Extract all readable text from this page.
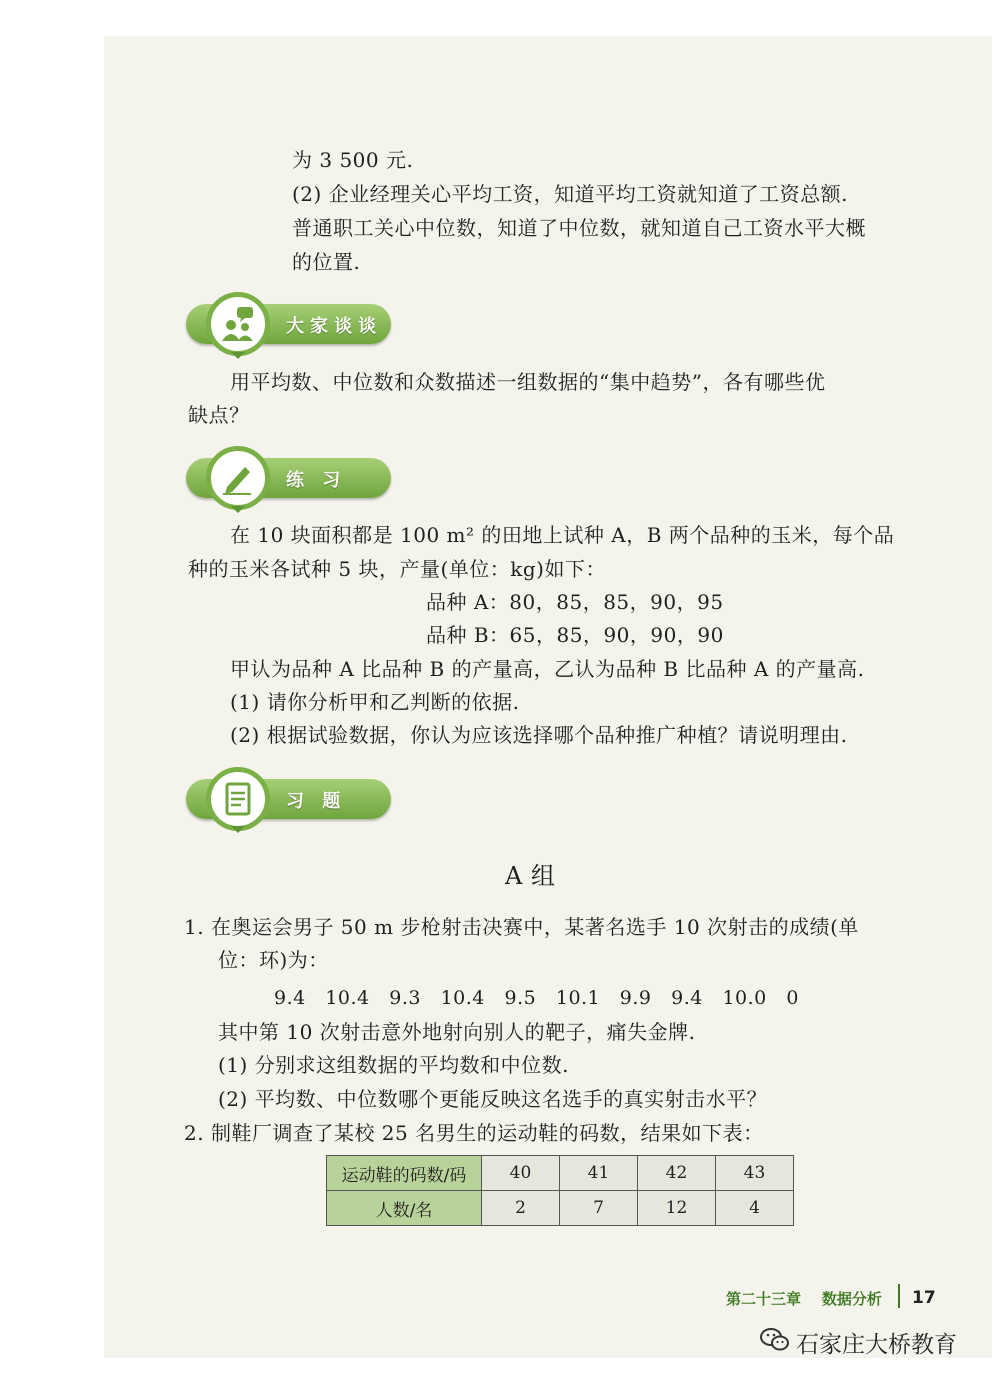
为 3 500 元.
(2) 企业经理关心平均工资，知道平均工资就知道了工资总额.
普通职工关心中位数，知道了中位数，就知道自己工资水平大概
的位置.
大家谈谈
用平均数、中位数和众数描述一组数据的“集中趋势”，各有哪些优
缺点？
练 习
在 10 块面积都是 100 m² 的田地上试种 A，B 两个品种的玉米，每个品
种的玉米各试种 5 块，产量(单位：kg)如下：
品种 A：80，85，85，90，95
品种 B：65，85，90，90，90
甲认为品种 A 比品种 B 的产量高，乙认为品种 B 比品种 A 的产量高.
(1) 请你分析甲和乙判断的依据.
(2) 根据试验数据，你认为应该选择哪个品种推广种植？请说明理由.
习 题
A 组
1. 在奥运会男子 50 m 步枪射击决赛中，某著名选手 10 次射击的成绩(单
位：环)为：
9.4   10.4   9.3   10.4   9.5   10.1   9.9   9.4   10.0   0
其中第 10 次射击意外地射向别人的靶子，痛失金牌.
(1) 分别求这组数据的平均数和中位数.
(2) 平均数、中位数哪个更能反映这名选手的真实射击水平？
2. 制鞋厂调查了某校 25 名男生的运动鞋的码数，结果如下表：
运动鞋的码数/码	40	41	42	43
人数/名	2	7	12	4
第二十三章    数据分析 17
石家庄大桥教育
